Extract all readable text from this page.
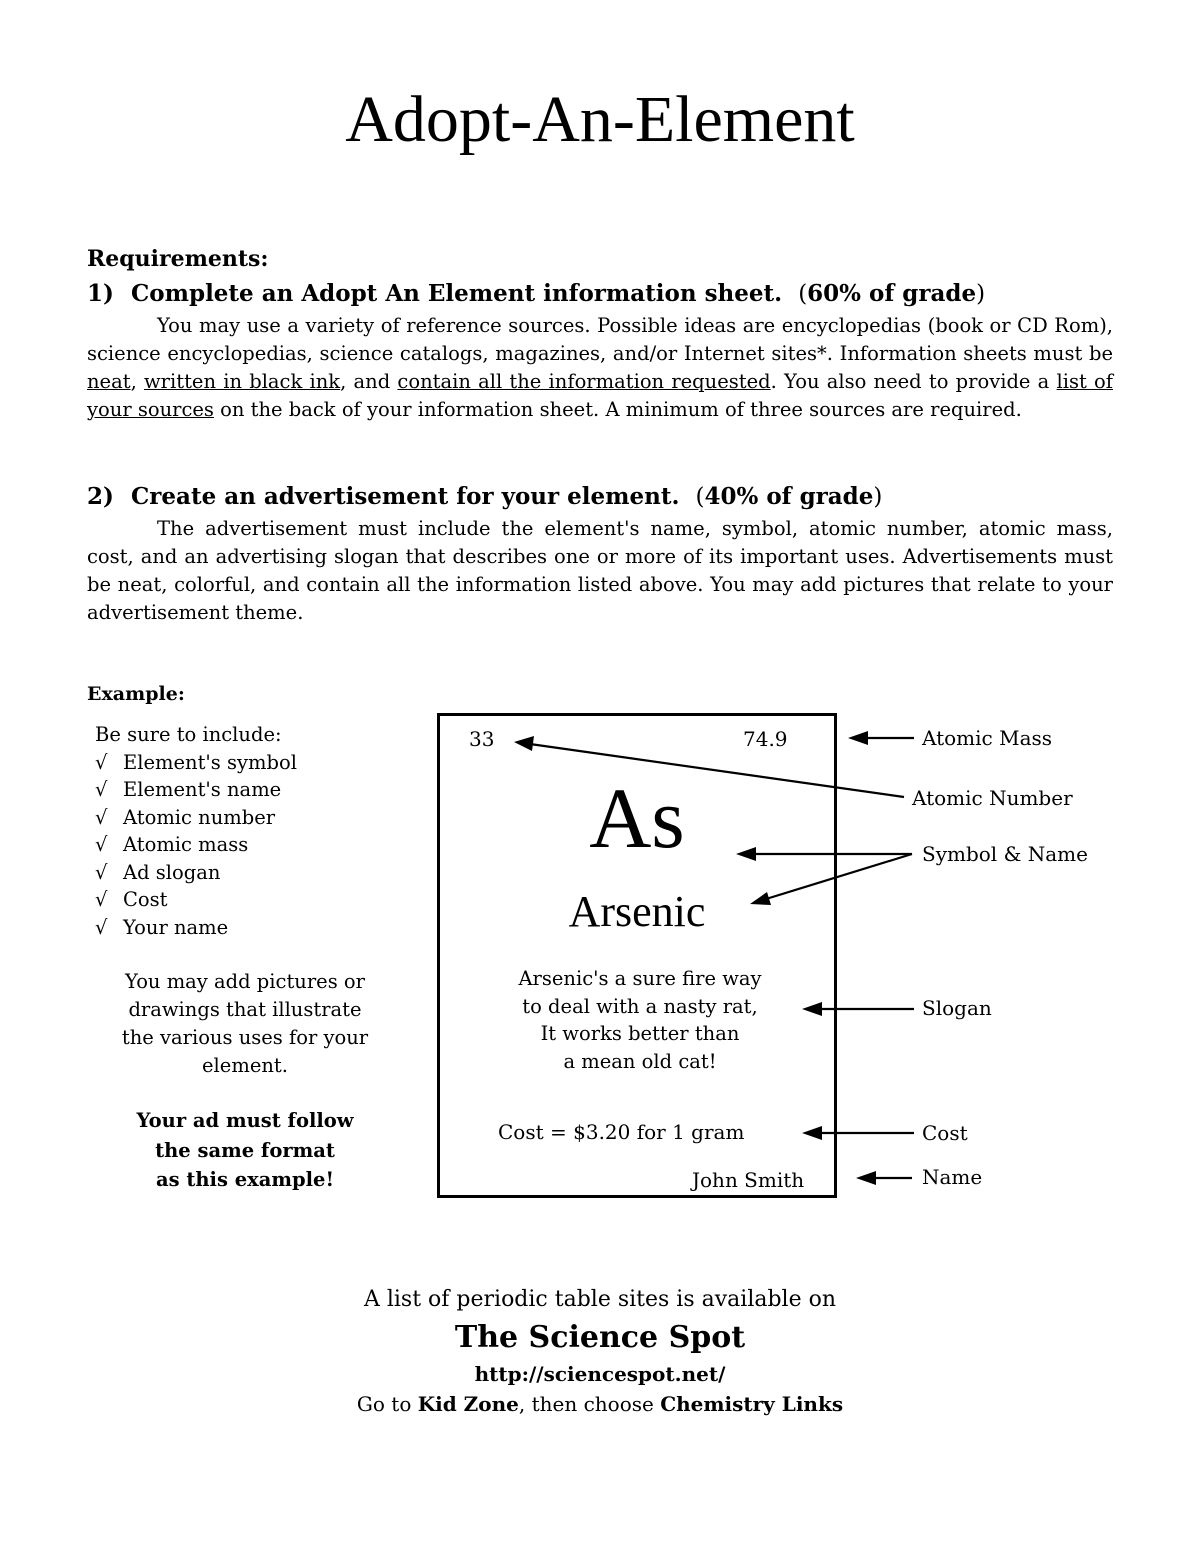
Adopt-An-Element
Requirements:
1) Complete an Adopt An Element information sheet. (60% of grade)
You may use a variety of reference sources. Possible ideas are encyclopedias (book or CD Rom), science encyclopedias, science catalogs, magazines, and/or Internet sites*. Information sheets must be neat, written in black ink, and contain all the information requested. You also need to provide a list of your sources on the back of your information sheet. A minimum of three sources are required.
2) Create an advertisement for your element. (40% of grade)
The advertisement must include the element's name, symbol, atomic number, atomic mass, cost, and an advertising slogan that describes one or more of its important uses. Advertisements must be neat, colorful, and contain all the information listed above. You may add pictures that relate to your advertisement theme.
Example:
Be sure to include:
√ Element's symbol
√ Element's name
√ Atomic number
√ Atomic mass
√ Ad slogan
√ Cost
√ Your name
You may add pictures or
drawings that illustrate
the various uses for your
element.
Your ad must follow
the same format
as this example!
33	74.9
As
Arsenic
Arsenic's a sure fire way
to deal with a nasty rat,
It works better than
a mean old cat!
Cost = $3.20 for 1 gram
John Smith
Atomic Mass
Atomic Number
Symbol & Name
Slogan
Cost
Name
A list of periodic table sites is available on
The Science Spot
http://sciencespot.net/
Go to Kid Zone, then choose Chemistry Links
